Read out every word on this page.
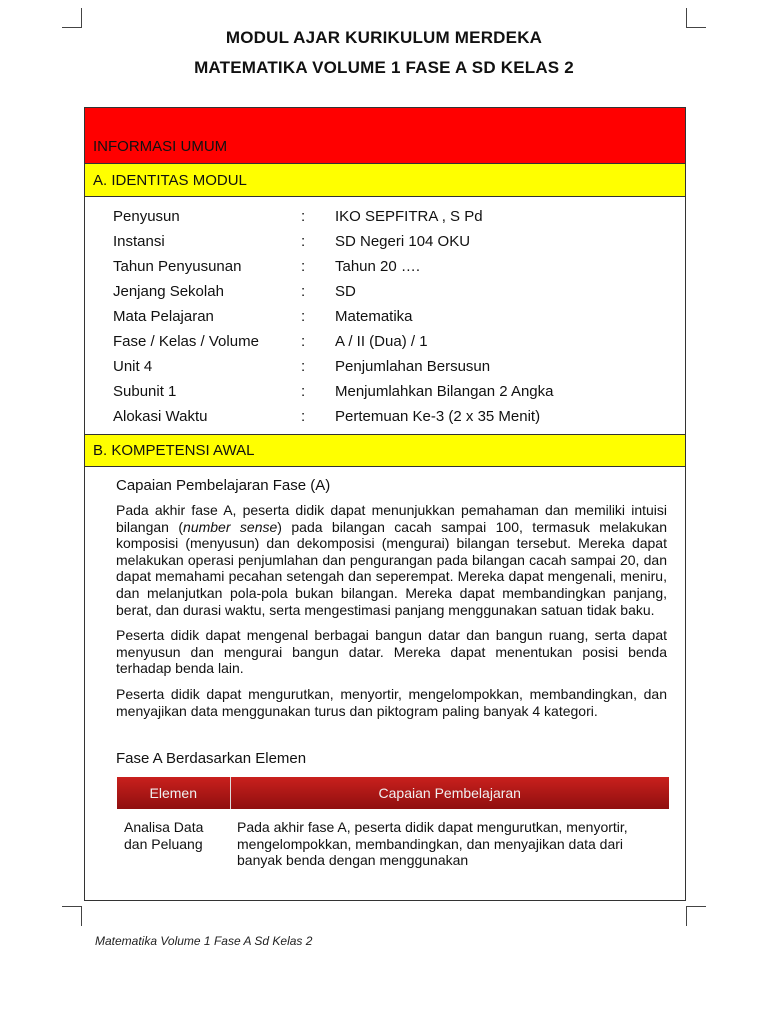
MODUL AJAR KURIKULUM MERDEKA
MATEMATIKA VOLUME 1 FASE A SD KELAS 2
INFORMASI UMUM
A. IDENTITAS MODUL
Penyusun	:	IKO SEPFITRA , S Pd
Instansi	:	SD Negeri 104 OKU
Tahun Penyusunan	:	Tahun 20 ….
Jenjang Sekolah	:	SD
Mata Pelajaran	:	Matematika
Fase / Kelas / Volume	:	A / II (Dua) / 1
Unit 4	:	Penjumlahan Bersusun
Subunit 1	:	Menjumlahkan Bilangan 2 Angka
Alokasi Waktu	:	Pertemuan Ke-3 (2 x 35 Menit)
B. KOMPETENSI AWAL
Capaian Pembelajaran Fase (A)

Pada akhir fase A, peserta didik dapat menunjukkan pemahaman dan memiliki intuisi bilangan (number sense) pada bilangan cacah sampai 100, termasuk melakukan komposisi (menyusun) dan dekomposisi (mengurai) bilangan tersebut. Mereka dapat melakukan operasi penjumlahan dan pengurangan pada bilangan cacah sampai 20, dan dapat memahami pecahan setengah dan seperempat. Mereka dapat mengenali, meniru, dan melanjutkan pola-pola bukan bilangan. Mereka dapat membandingkan panjang, berat, dan durasi waktu, serta mengestimasi panjang menggunakan satuan tidak baku.

Peserta didik dapat mengenal berbagai bangun datar dan bangun ruang, serta dapat menyusun dan mengurai bangun datar. Mereka dapat menentukan posisi benda terhadap benda lain.

Peserta didik dapat mengurutkan, menyortir, mengelompokkan, membandingkan, dan menyajikan data menggunakan turus dan piktogram paling banyak 4 kategori.

Fase A Berdasarkan Elemen
Elemen	Capaian Pembelajaran
Analisa Data dan Peluang	Pada akhir fase A, peserta didik dapat mengurutkan, menyortir, mengelompokkan, membandingkan, dan menyajikan data dari banyak benda dengan menggunakan
Matematika Volume 1 Fase A Sd Kelas 2
